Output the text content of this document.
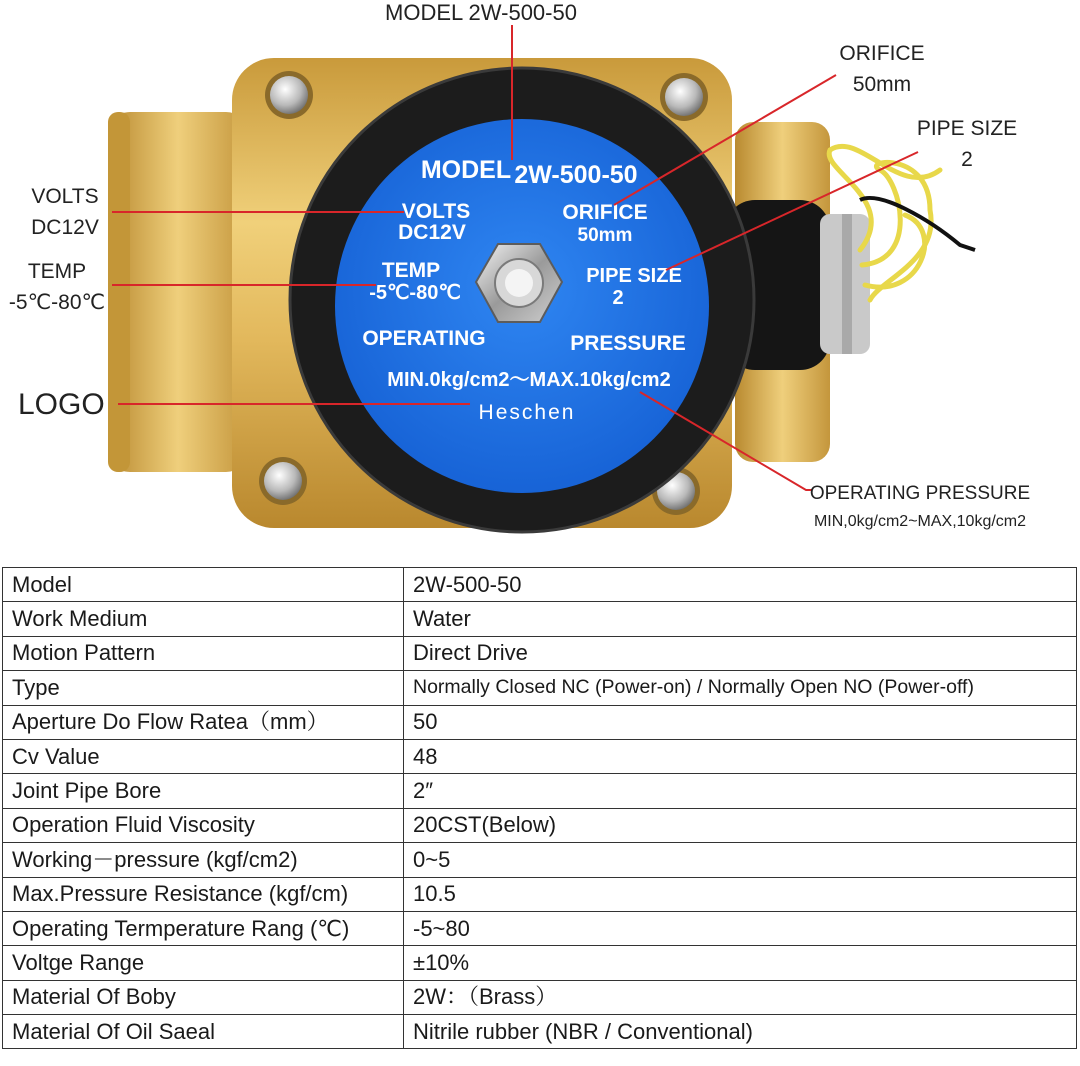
MODEL 2W-500-50
VOLTS
DC12V
ORIFICE
50mm
TEMP
-5℃-80℃
PIPE SIZE
2
OPERATING	PRESSURE
MIN.0kg/cm2～MAX.10kg/cm2
Heschen
MODEL 2W-500-50
ORIFICE
50mm
PIPE SIZE
2
VOLTS
DC12V
TEMP
-5℃-80℃
LOGO
OPERATING PRESSURE
MIN,0kg/cm2~MAX,10kg/cm2
Model	2W-500-50
Work Medium	Water
Motion Pattern	Direct Drive
Type	Normally Closed NC (Power-on) / Normally Open NO (Power-off)
Aperture Do Flow Ratea（mm）	50
Cv Value	48
Joint Pipe Bore	2″
Operation Fluid Viscosity	20CST(Below)
Working－pressure (kgf/cm2)	0~5
Max.Pressure Resistance (kgf/cm)	10.5
Operating Termperature Rang (℃)	-5~80
Voltge Range	±10%
Material Of Boby	2W：（Brass）
Material Of Oil Saeal	Nitrile rubber (NBR / Conventional)
